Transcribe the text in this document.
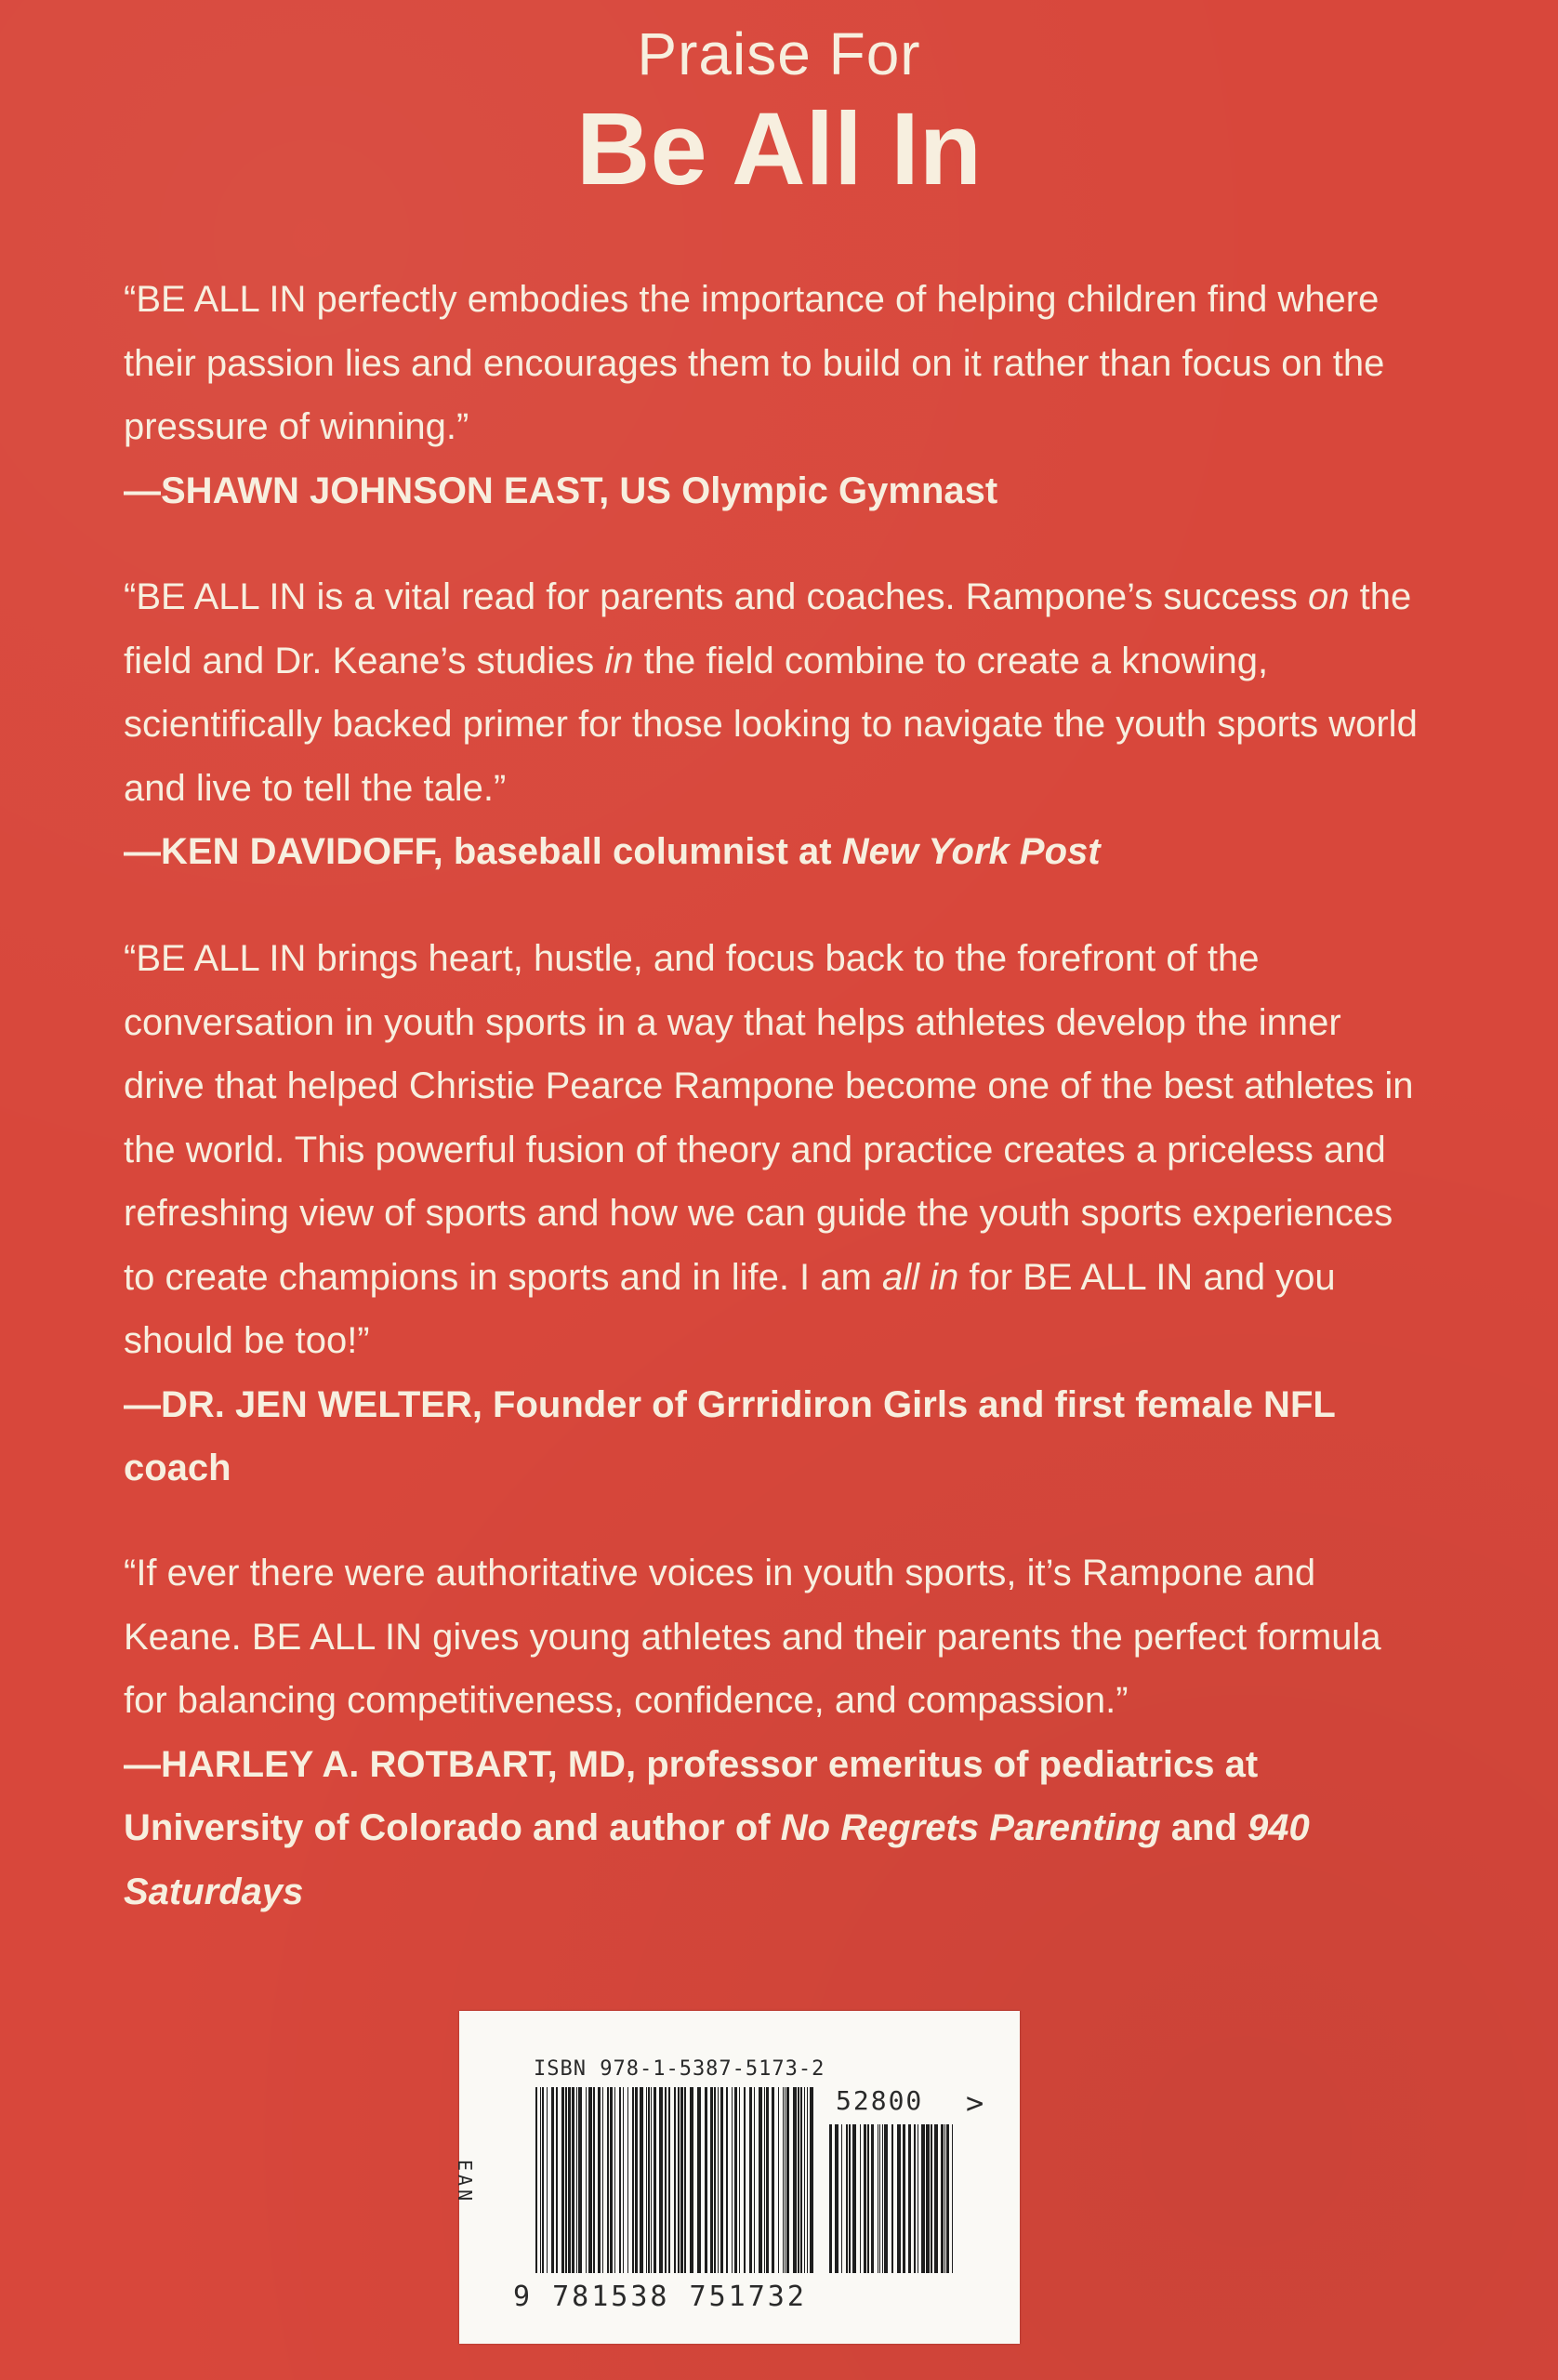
Praise For
Be All In

“BE ALL IN perfectly embodies the importance of helping children find where their passion lies and encourages them to build on it rather than focus on the pressure of winning.”

—SHAWN JOHNSON EAST, US Olympic Gymnast

“BE ALL IN is a vital read for parents and coaches. Rampone’s success on the field and Dr. Keane’s studies in the field combine to create a knowing, scientifically backed primer for those looking to navigate the youth sports world and live to tell the tale.”

—KEN DAVIDOFF, baseball columnist at New York Post

“BE ALL IN brings heart, hustle, and focus back to the forefront of the conversation in youth sports in a way that helps athletes develop the inner drive that helped Christie Pearce Rampone become one of the best athletes in the world. This powerful fusion of theory and practice creates a priceless and refreshing view of sports and how we can guide the youth sports experiences to create champions in sports and in life. I am all in for BE ALL IN and you should be too!”

—DR. JEN WELTER, Founder of Grrridiron Girls and first female NFL coach

“If ever there were authoritative voices in youth sports, it’s Rampone and Keane. BE ALL IN gives young athletes and their parents the perfect formula for balancing competitiveness, confidence, and compassion.”

—HARLEY A. ROTBART, MD, professor emeritus of pediatrics at University of Colorado and author of No Regrets Parenting and 940 Saturdays

ISBN 978-1-5387-5173-2
EAN
52800 >
9 781538 751732
